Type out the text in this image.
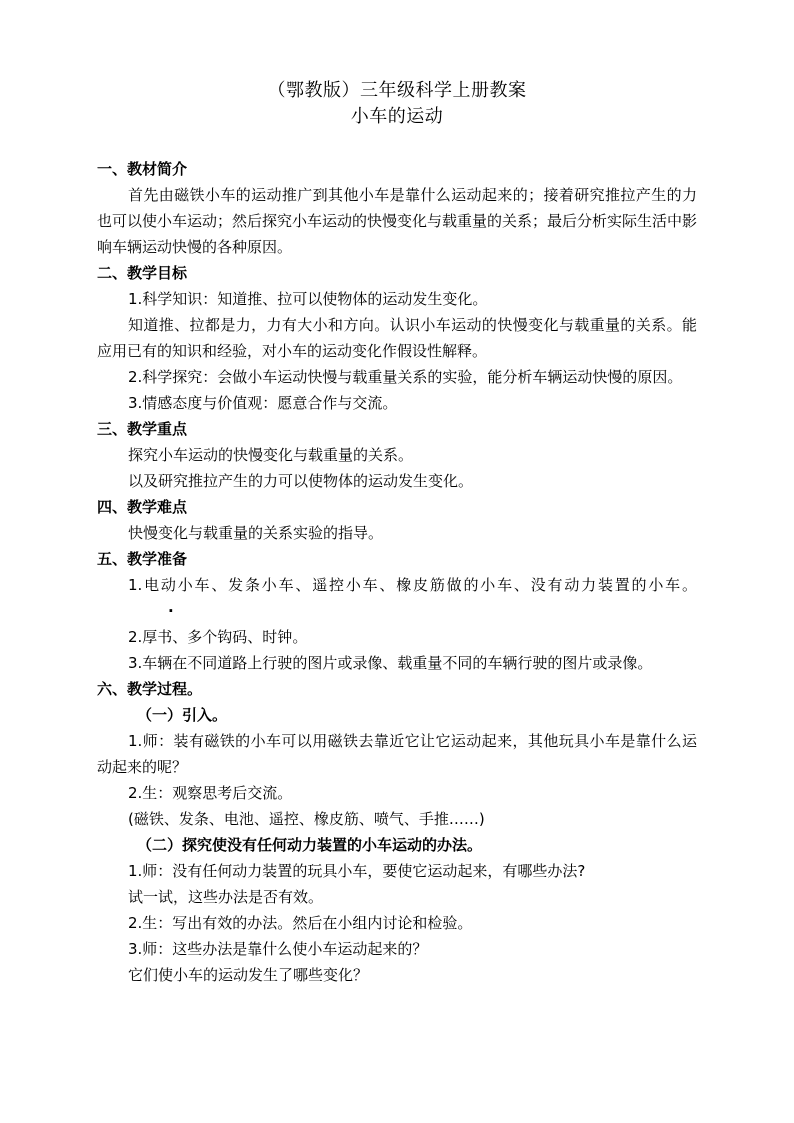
（鄂教版）三年级科学上册教案
小车的运动
一、教材简介
首先由磁铁小车的运动推广到其他小车是靠什么运动起来的；接着研究推拉产生的力也可以使小车运动；然后探究小车运动的快慢变化与载重量的关系；最后分析实际生活中影响车辆运动快慢的各种原因。
二、教学目标
1.科学知识：知道推、拉可以使物体的运动发生变化。
知道推、拉都是力，力有大小和方向。认识小车运动的快慢变化与载重量的关系。能应用已有的知识和经验，对小车的运动变化作假设性解释。
2.科学探究：会做小车运动快慢与载重量关系的实验，能分析车辆运动快慢的原因。
3.情感态度与价值观：愿意合作与交流。
三、教学重点
探究小车运动的快慢变化与载重量的关系。
以及研究推拉产生的力可以使物体的运动发生变化。
四、教学难点
快慢变化与载重量的关系实验的指导。
五、教学准备
1.电动小车、发条小车、遥控小车、橡皮筋做的小车、没有动力装置的小车。·
2.厚书、多个钩码、时钟。
3.车辆在不同道路上行驶的图片或录像、载重量不同的车辆行驶的图片或录像。
六、教学过程。
（一）引入。
1.师：装有磁铁的小车可以用磁铁去靠近它让它运动起来，其他玩具小车是靠什么运动起来的呢？
2.生：观察思考后交流。
(磁铁、发条、电池、遥控、橡皮筋、喷气、手推……)
（二）探究使没有任何动力装置的小车运动的办法。
1.师：没有任何动力装置的玩具小车，要使它运动起来，有哪些办法?
试一试，这些办法是否有效。
2.生：写出有效的办法。然后在小组内讨论和检验。
3.师：这些办法是靠什么使小车运动起来的？
它们使小车的运动发生了哪些变化？
